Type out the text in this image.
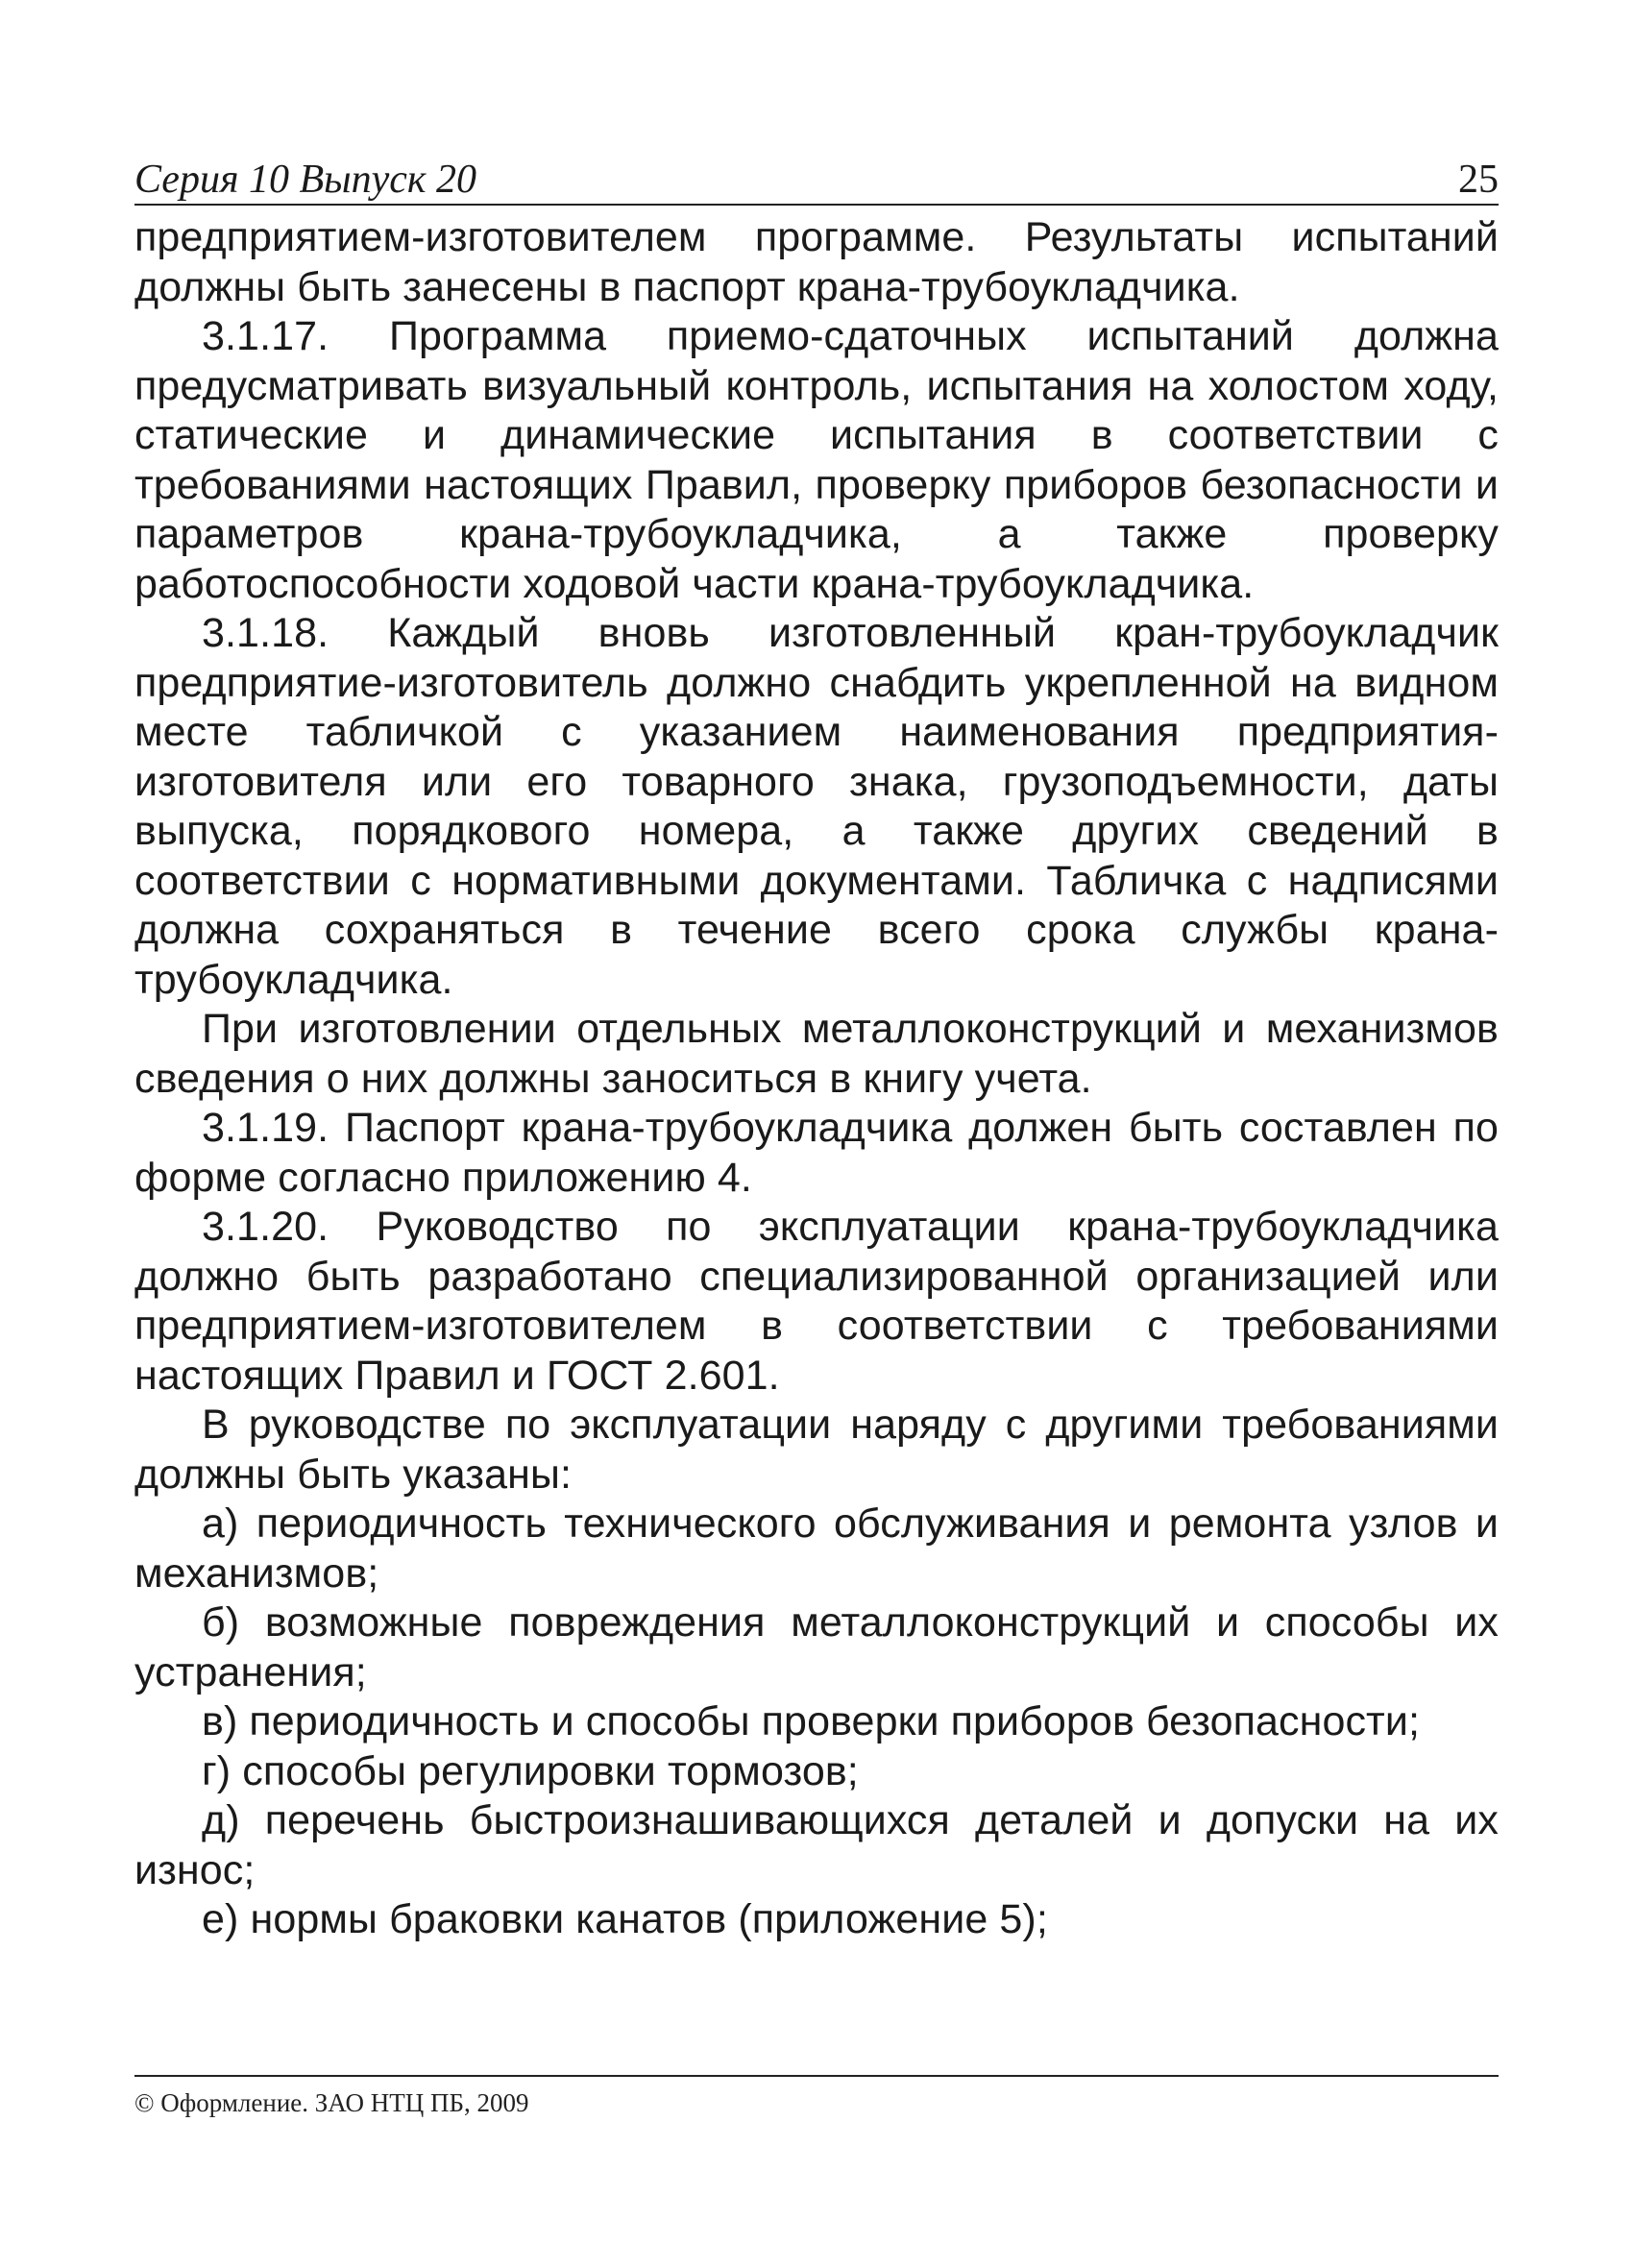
Серия 10 Выпуск 20	25

предприятием-изготовителем программе. Результаты испытаний должны быть занесены в паспорт крана-трубоукладчика.

3.1.17. Программа приемо-сдаточных испытаний должна предусматривать визуальный контроль, испытания на холостом ходу, статические и динамические испытания в соответствии с требованиями настоящих Правил, проверку приборов безопасности и параметров крана-трубоукладчика, а также проверку работоспособности ходовой части крана-трубоукладчика.

3.1.18. Каждый вновь изготовленный кран-трубоукладчик предприятие-изготовитель должно снабдить укрепленной на видном месте табличкой с указанием наименования предприятия-изготовителя или его товарного знака, грузоподъемности, даты выпуска, порядкового номера, а также других сведений в соответствии с нормативными документами. Табличка с надписями должна сохраняться в течение всего срока службы крана-трубоукладчика.

При изготовлении отдельных металлоконструкций и механизмов сведения о них должны заноситься в книгу учета.

3.1.19. Паспорт крана-трубоукладчика должен быть составлен по форме согласно приложению 4.

3.1.20. Руководство по эксплуатации крана-трубоукладчика должно быть разработано специализированной организацией или предприятием-изготовителем в соответствии с требованиями настоящих Правил и ГОСТ 2.601.

В руководстве по эксплуатации наряду с другими требованиями должны быть указаны:

а) периодичность технического обслуживания и ремонта узлов и механизмов;

б) возможные повреждения металлоконструкций и способы их устранения;

в) периодичность и способы проверки приборов безопасности;

г) способы регулировки тормозов;

д) перечень быстроизнашивающихся деталей и допуски на их износ;

е) нормы браковки канатов (приложение 5);

© Оформление. ЗАО НТЦ ПБ, 2009
